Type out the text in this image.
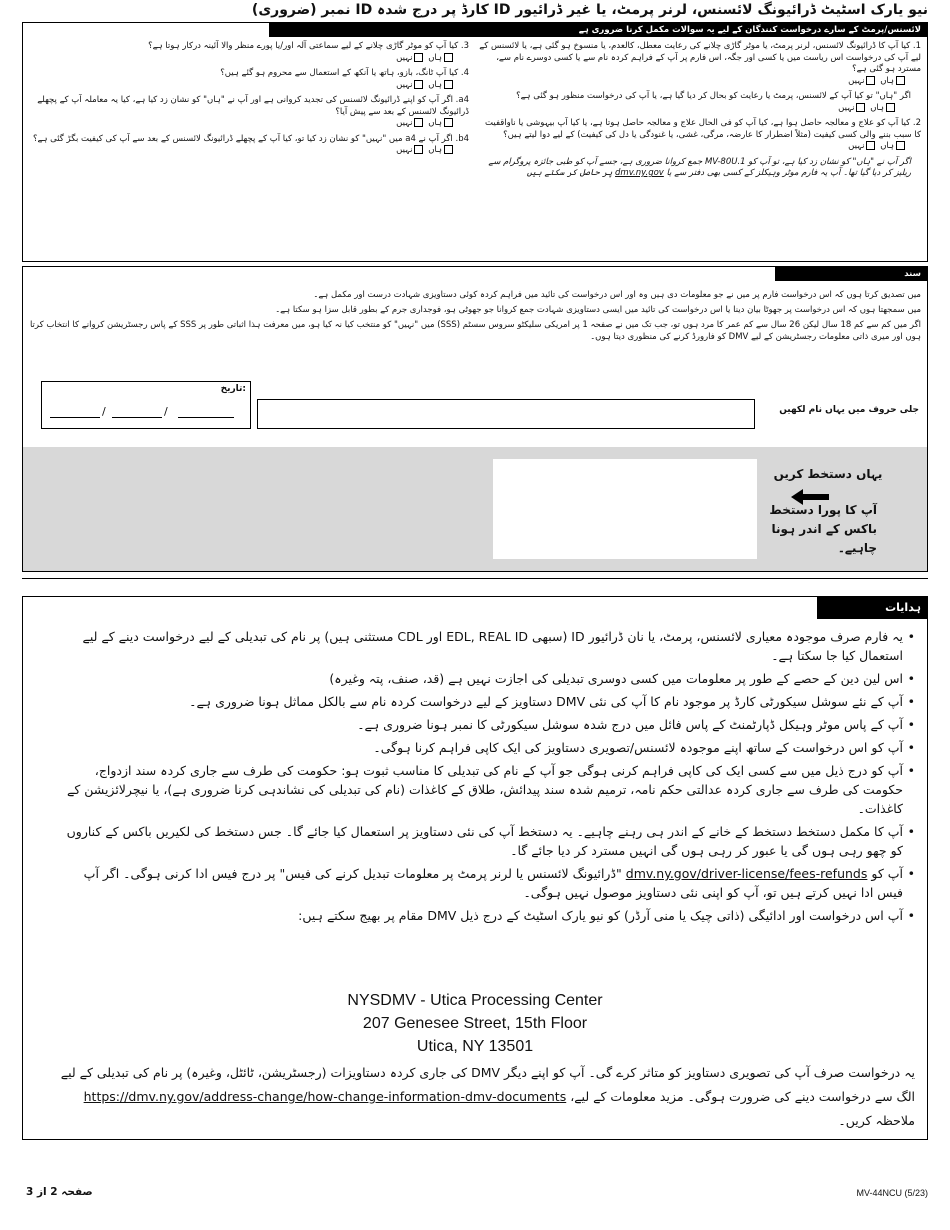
نیو یارک اسٹیٹ ڈرائیونگ لائسنس، لرنر پرمٹ، یا غیر ڈرائیور ID کارڈ پر درج شدہ ID نمبر (ضروری)
لائسنس/پرمٹ کے سارے درخواست کنندگان کے لیے یہ سوالات مکمل کرنا ضروری ہے
1. کیا آپ کا ڈرائیونگ لائسنس، لرنر پرمٹ، یا موٹر گاڑی چلانے کی رعایت معطل، کالعدم، یا منسوخ ہو گئی ہے، یا لائسنس کے لیے آپ کی درخواست اس ریاست میں یا کسی اور جگہ، اس فارم پر آپ کے فراہم کردہ نام سے یا کسی دوسرے نام سے، مسترد ہو گئی ہے؟
ہاں نہیں
اگر "ہاں" تو کیا آپ کے لائسنس، پرمٹ یا رعایت کو بحال کر دیا گیا ہے، یا آپ کی درخواست منظور ہو گئی ہے؟
ہاں نہیں
2. کیا آپ کو علاج و معالجہ حاصل ہوا ہے، کیا آپ کو فی الحال علاج و معالجہ حاصل ہوتا ہے، یا کیا آپ بیہوشی یا ناواقفیت کا سبب بننے والی کسی کیفیت (مثلاً اضطرار کا عارضہ، مرگی، غشی، یا غنودگی یا دل کی کیفیت) کے لیے دوا لیتے ہیں؟
ہاں نہیں
اگر آپ نے "ہاں" کو نشان زد کیا ہے، تو آپ کو MV-80U.1 جمع کروانا ضروری ہے، جسے آپ کو طبی جائزہ پروگرام سے ریلیز کر دیا گیا تھا۔ آپ یہ فارم موٹر وہیکلز کے کسی بھی دفتر سے یا dmv.ny.gov پر حاصل کر سکتے ہیں
3. کیا آپ کو موٹر گاڑی چلانے کے لیے سماعتی آلہ اور/یا پورے منظر والا آئینہ درکار ہوتا ہے؟
ہاں نہیں
4. کیا آپ ٹانگ، بازو، ہاتھ یا آنکھ کے استعمال سے محروم ہو گئے ہیں؟
ہاں نہیں
a4. اگر آپ کو اپنے ڈرائیونگ لائسنس کی تجدید کروانی ہے اور آپ نے "ہاں" کو نشان زد کیا ہے، کیا یہ معاملہ آپ کے پچھلے ڈرائیونگ لائسنس کے بعد سے پیش آیا؟
ہاں نہیں
b4. اگر آپ نے a4 میں "نہیں" کو نشان زد کیا تو، کیا آپ کے پچھلے ڈرائیونگ لائسنس کے بعد سے آپ کی کیفیت بگڑ گئی ہے؟
ہاں نہیں
سند

میں تصدیق کرتا ہوں کہ اس درخواست فارم پر میں نے جو معلومات دی ہیں وہ اور اس درخواست کی تائید میں فراہم کردہ کوئی دستاویزی شہادت درست اور مکمل ہے۔

میں سمجھتا ہوں کہ اس درخواست پر جھوٹا بیان دینا یا اس درخواست کی تائید میں ایسی دستاویزی شہادت جمع کروانا جو جھوٹی ہو، فوجداری جرم کے بطور قابل سزا ہو سکتا ہے۔

اگر میں کم سے کم 18 سال لیکن 26 سال سے کم عمر کا مرد ہوں تو، جب تک میں نے صفحہ 1 پر امریکی سلیکٹو سروس سسٹم (SSS) میں "نہیں" کو منتخب کیا نہ کیا ہو، میں معرفت ہذا اثباتی طور پر SSS کے پاس رجسٹریشن کروانے کا انتخاب کرتا ہوں اور میری ذاتی معلومات رجسٹریشن کے لیے DMV کو فارورڈ کرنے کی منظوری دیتا ہوں۔

تاریخ:
/	/	جلی حروف میں یہاں نام لکھیں
یہاں دستخط کریں
آپ کا پورا دستخط باکس کے اندر ہونا چاہیے۔
ہدایات
• یہ فارم صرف موجودہ معیاری لائسنس، پرمٹ، یا نان ڈرائیور ID (سبھی EDL, REAL ID اور CDL مستثنی ہیں) پر نام کی تبدیلی کے لیے درخواست دینے کے لیے استعمال کیا جا سکتا ہے۔
• اس لین دین کے حصے کے طور پر معلومات میں کسی دوسری تبدیلی کی اجازت نہیں ہے (قد، صنف، پتہ وغیرہ)
• آپ کے نئے سوشل سیکورٹی کارڈ پر موجود نام کا آپ کی نئی DMV دستاویز کے لیے درخواست کردہ نام سے بالکل مماثل ہونا ضروری ہے۔
• آپ کے پاس موٹر وہیکل ڈپارٹمنٹ کے پاس فائل میں درج شدہ سوشل سیکورٹی کا نمبر ہونا ضروری ہے۔
• آپ کو اس درخواست کے ساتھ اپنے موجودہ لائسنس/تصویری دستاویز کی ایک کاپی فراہم کرنا ہوگی۔
• آپ کو درج ذیل میں سے کسی ایک کی کاپی فراہم کرنی ہوگی جو آپ کے نام کی تبدیلی کا مناسب ثبوت ہو: حکومت کی طرف سے جاری کردہ سند ازدواج، حکومت کی طرف سے جاری کردہ عدالتی حکم نامہ، ترمیم شدہ سند پیدائش، طلاق کے کاغذات (نام کی تبدیلی کی نشاندہی کرنا ضروری ہے)، یا نیچرلائزیشن کے کاغذات۔
• آپ کا مکمل دستخط دستخط کے خانے کے اندر ہی رہنے چاہیے۔ یہ دستخط آپ کی نئی دستاویز پر استعمال کیا جائے گا۔ جس دستخط کی لکیریں باکس کے کناروں کو چھو رہی ہوں گی یا عبور کر رہی ہوں گی انہیں مسترد کر دیا جائے گا۔
• آپ کو dmv.ny.gov/driver-license/fees-refunds "ڈرائیونگ لائسنس یا لرنر پرمٹ پر معلومات تبدیل کرنے کی فیس" پر درج فیس ادا کرنی ہوگی۔ اگر آپ فیس ادا نہیں کرتے ہیں تو، آپ کو اپنی نئی دستاویز موصول نہیں ہوگی۔
• آپ اس درخواست اور ادائیگی (ذاتی چیک یا منی آرڈر) کو نیو یارک اسٹیٹ کے درج ذیل DMV مقام پر بھیج سکتے ہیں:
NYSDMV - Utica Processing Center
207 Genesee Street, 15th Floor
Utica, NY 13501
یہ درخواست صرف آپ کی تصویری دستاویز کو متاثر کرے گی۔ آپ کو اپنے دیگر DMV کی جاری کردہ دستاویزات (رجسٹریشن، ٹائٹل، وغیرہ) پر نام کی تبدیلی کے لیے الگ سے درخواست دینے کی ضرورت ہوگی۔ مزید معلومات کے لیے، https://dmv.ny.gov/address-change/how-change-information-dmv-documents ملاحظہ کریں۔
صفحہ 2 از 3	MV-44NCU (5/23)
